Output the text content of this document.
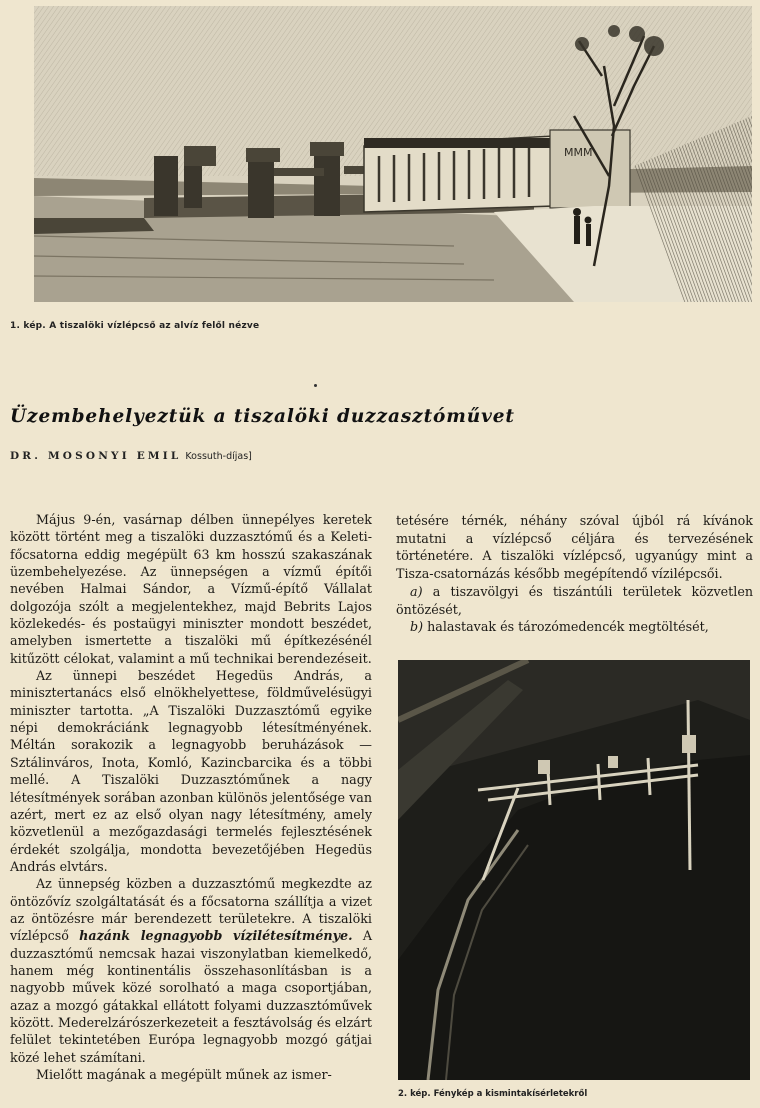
MMM
1. kép. A tiszalöki vízlépcső az alvíz felől nézve
Üzembehelyeztük a tiszalöki duzzasztóművet
DR. MOSONYI EMIL Kossuth-díjas]

Május 9-én, vasárnap délben ünnepélyes keretek között történt meg a tiszalöki duzzasztómű és a Keleti-főcsatorna eddig megépült 63 km hosszú szakaszának üzembehelyezése. Az ünnepségen a vízmű építői nevében Halmai Sándor, a Vízmű-építő Vállalat dolgozója szólt a megjelentekhez, majd Bebrits Lajos közlekedés- és postaügyi miniszter mondott beszédet, amelyben ismertette a tiszalöki mű építkezésénél kitűzött célokat, valamint a mű technikai berendezéseit.

Az ünnepi beszédet Hegedüs András, a minisztertanács első elnökhelyettese, földművelésügyi miniszter tartotta. „A Tiszalöki Duzzasztómű egyike népi demokráciánk legnagyobb létesítményének. Méltán sorakozik a legnagyobb beruházások — Sztálinváros, Inota, Komló, Kazincbarcika és a többi mellé. A Tiszalöki Duzzasztóműnek a nagy létesítmények sorában azonban különös jelentősége van azért, mert ez az első olyan nagy létesítmény, amely közvetlenül a mezőgazdasági termelés fejlesztésének érdekét szolgálja, mondotta bevezetőjében Hegedüs András elvtárs.

Az ünnepség közben a duzzasztómű megkezdte az öntözővíz szolgáltatását és a főcsatorna szállítja a vizet az öntözésre már berendezett területekre. A tiszalöki vízlépcső hazánk legnagyobb vízilétesítménye. A duzzasztómű nemcsak hazai viszonylatban kiemelkedő, hanem még kontinentális összehasonlításban is a nagyobb művek közé sorolható a maga csoportjában, azaz a mozgó gátakkal ellátott folyami duzzasztóművek között. Mederelzárószerkezeteit a fesztávolság és elzárt felület tekintetében Európa legnagyobb mozgó gátjai közé lehet számítani.

Mielőtt magának a megépült műnek az ismer-

tetésére térnék, néhány szóval újból rá kívánok mutatni a vízlépcső céljára és tervezésének történetére. A tiszalöki vízlépcső, ugyanúgy mint a Tisza-csatornázás később megépítendő vízilépcsői.

a) a tiszavölgyi és tiszántúli területek közvetlen öntözését,

b) halastavak és tározómedencék megtöltését,

2. kép. Fénykép a kismintakísérletekről
